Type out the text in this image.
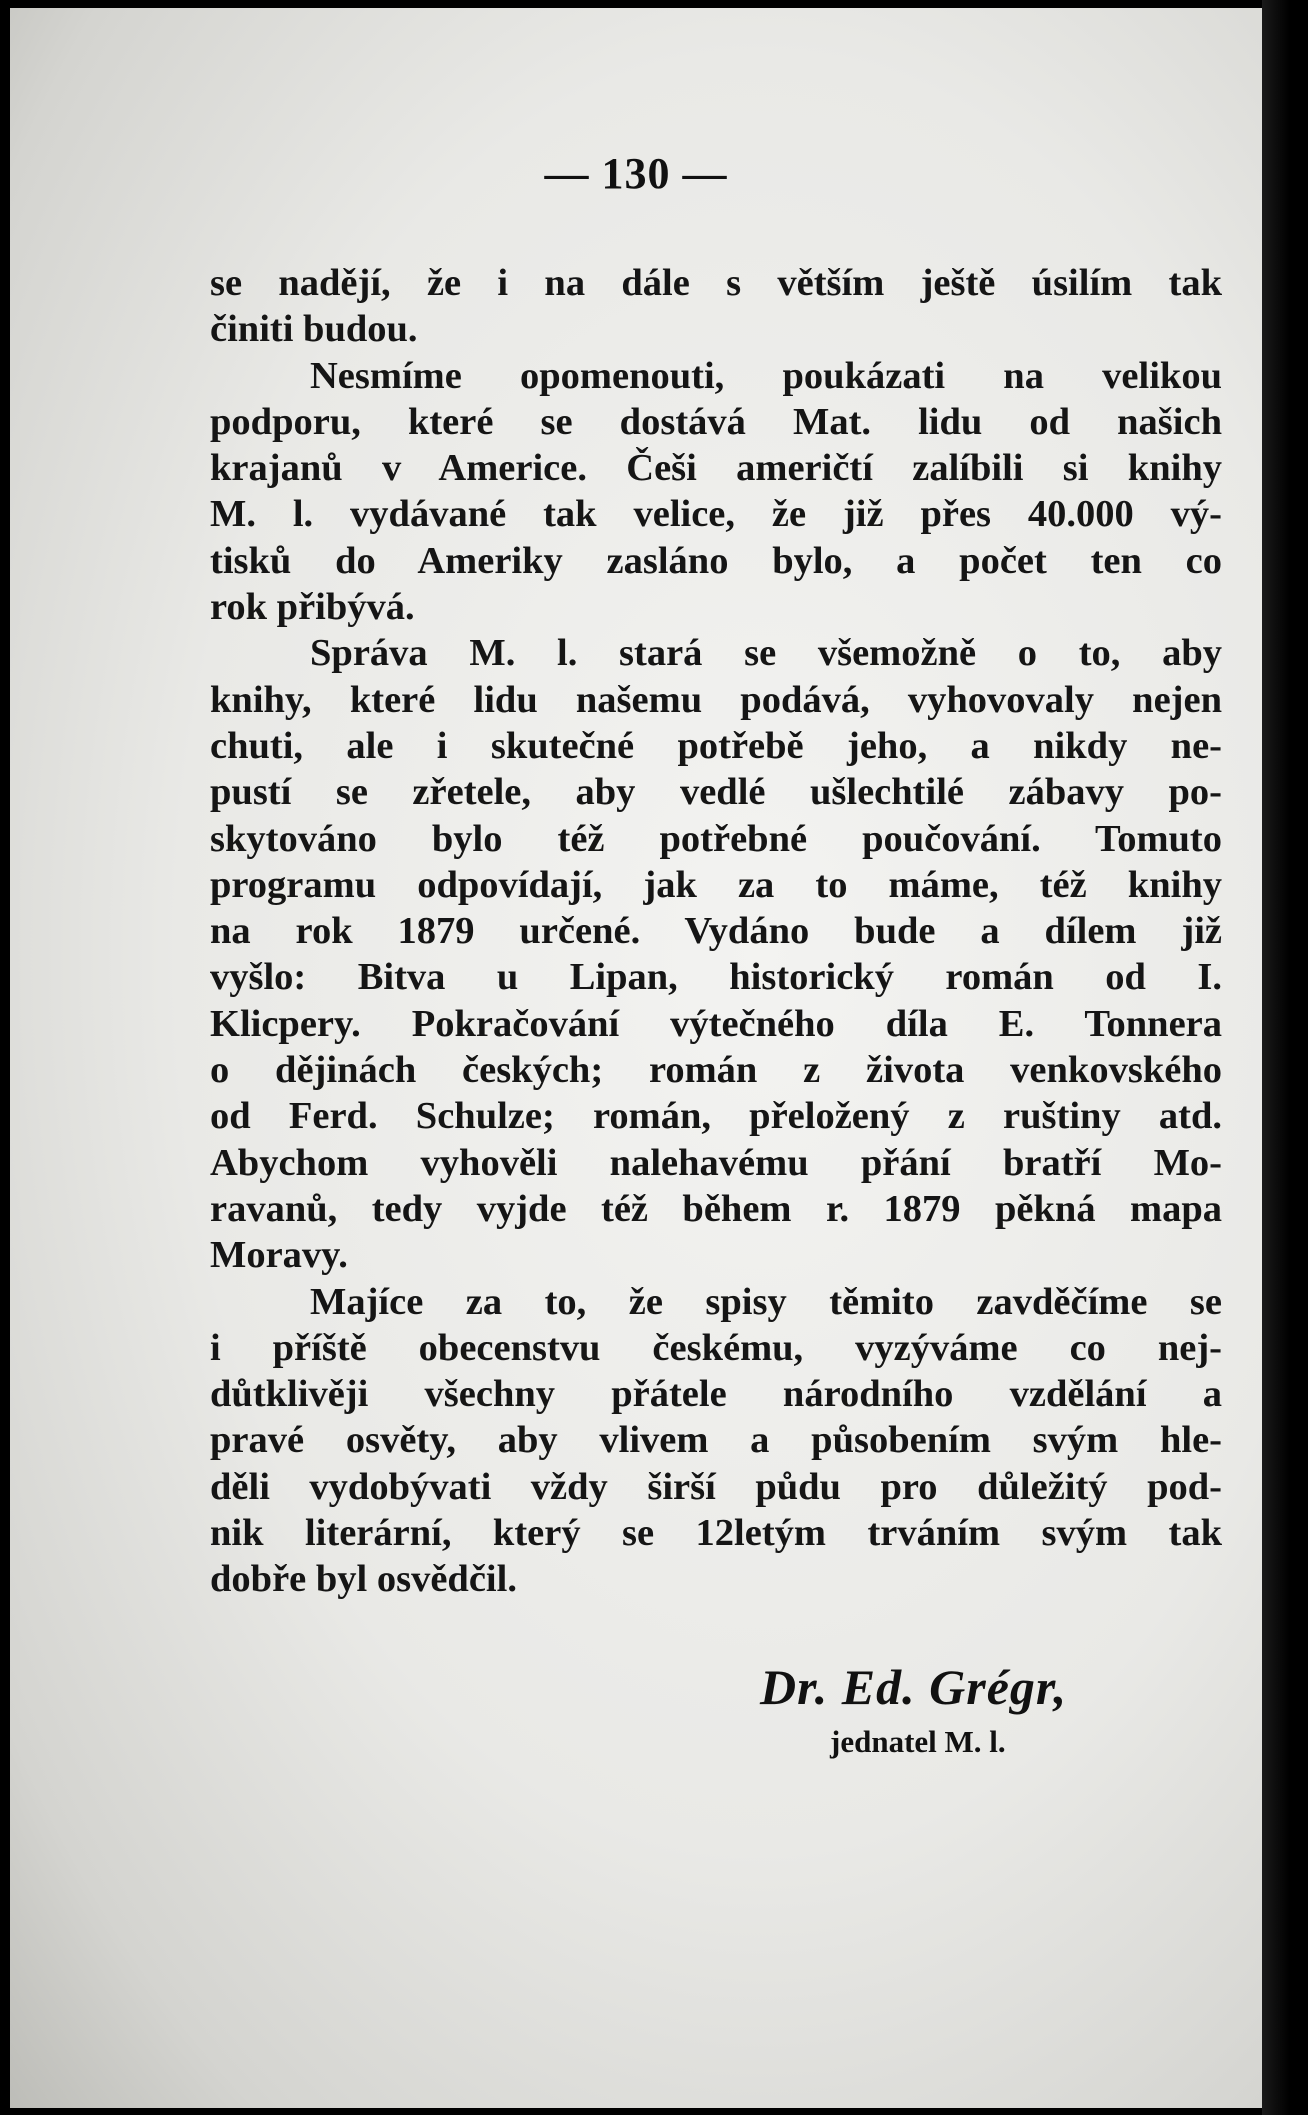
— 130 —

se nadějí, že i na dále s větším ještě úsilím tak

činiti budou.

Nesmíme opomenouti, poukázati na velikou

podporu, které se dostává Mat. lidu od našich

krajanů v Americe. Češi američtí zalíbili si knihy

M. l. vydávané tak velice, že již přes 40.000 vý-

tisků do Ameriky zasláno bylo, a počet ten co

rok přibývá.

Správa M. l. stará se všemožně o to, aby

knihy, které lidu našemu podává, vyhovovaly nejen

chuti, ale i skutečné potřebě jeho, a nikdy ne-

pustí se zřetele, aby vedlé ušlechtilé zábavy po-

skytováno bylo též potřebné poučování. Tomuto

programu odpovídají, jak za to máme, též knihy

na rok 1879 určené. Vydáno bude a dílem již

vyšlo: Bitva u Lipan, historický román od I.

Klicpery. Pokračování výtečného díla E. Tonnera

o dějinách českých; román z života venkovského

od Ferd. Schulze; román, přeložený z ruštiny atd.

Abychom vyhověli nalehavému přání bratří Mo-

ravanů, tedy vyjde též během r. 1879 pěkná mapa

Moravy.

Majíce za to, že spisy těmito zavděčíme se

i příště obecenstvu českému, vyzýváme co nej-

důtklivěji všechny přátele národního vzdělání a

pravé osvěty, aby vlivem a působením svým hle-

děli vydobývati vždy širší půdu pro důležitý pod-

nik literární, který se 12letým trváním svým tak

dobře byl osvědčil.

Dr. Ed. Grégr,
jednatel M. l.
